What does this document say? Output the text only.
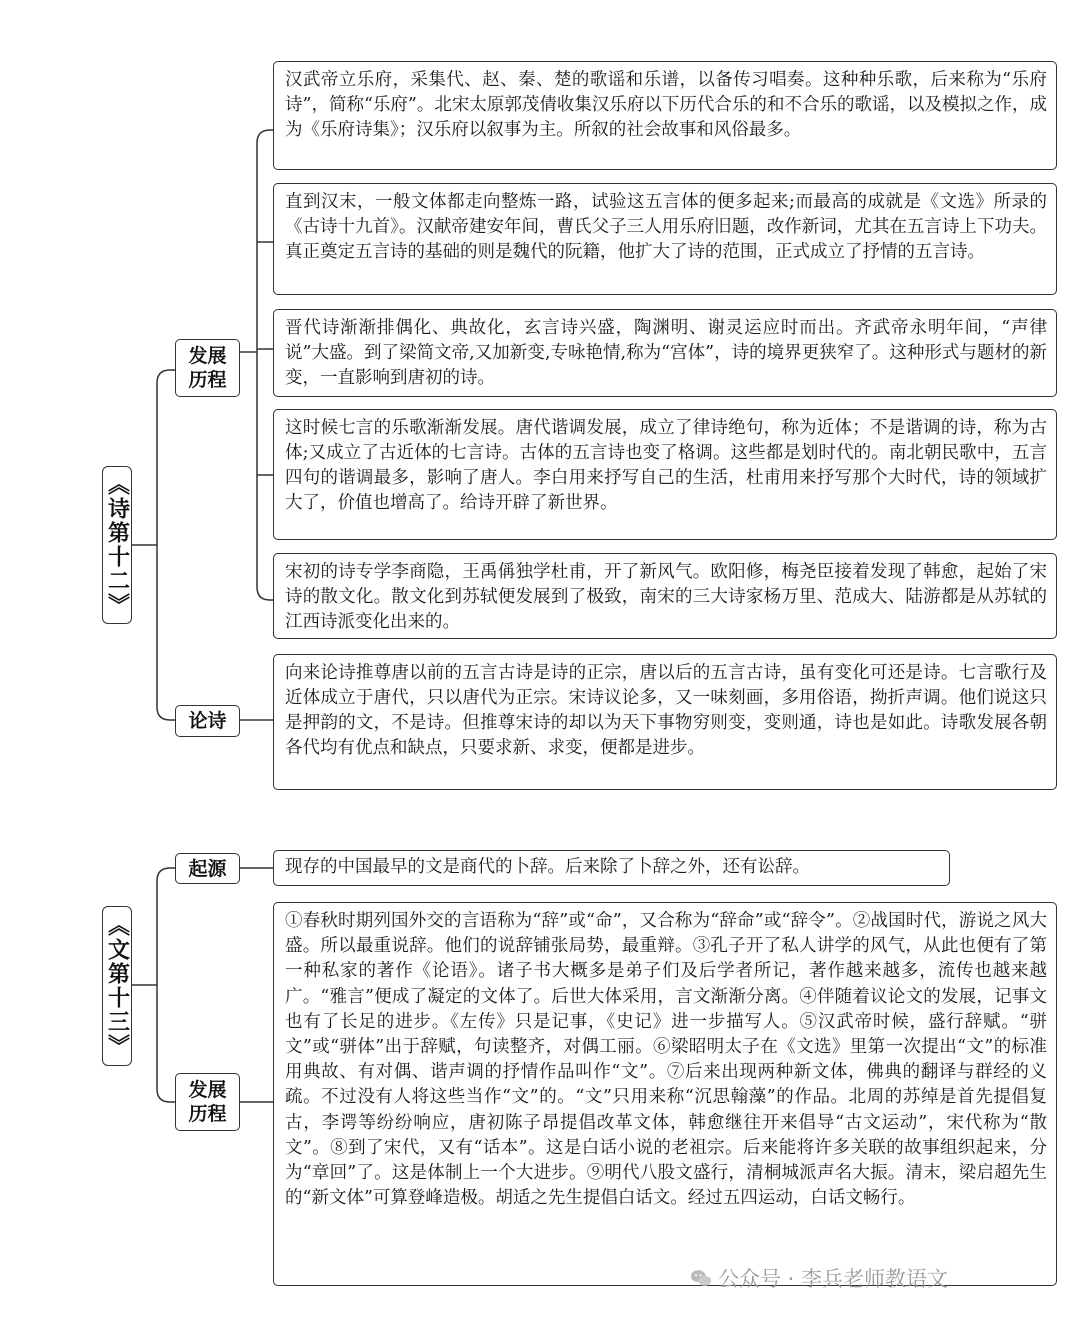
《诗第十二》
发展
历程
汉武帝立乐府，采集代、赵、秦、楚的歌谣和乐谱，以备传习唱奏。这种种乐歌，后来称为“乐府诗”，简称“乐府”。北宋太原郭茂倩收集汉乐府以下历代合乐的和不合乐的歌谣，以及模拟之作，成为《乐府诗集》；汉乐府以叙事为主。所叙的社会故事和风俗最多。
直到汉末，一般文体都走向整炼一路，试验这五言体的便多起来;而最高的成就是《文选》所录的《古诗十九首》。汉献帝建安年间，曹氏父子三人用乐府旧题，改作新词，尤其在五言诗上下功夫。真正奠定五言诗的基础的则是魏代的阮籍，他扩大了诗的范围，正式成立了抒情的五言诗。
晋代诗渐渐排偶化、典故化，玄言诗兴盛，陶渊明、谢灵运应时而出。齐武帝永明年间，“声律说”大盛。到了梁简文帝,又加新变,专咏艳情,称为“宫体”，诗的境界更狭窄了。这种形式与题材的新变，一直影响到唐初的诗。
这时候七言的乐歌渐渐发展。唐代谐调发展，成立了律诗绝句，称为近体；不是谐调的诗，称为古体;又成立了古近体的七言诗。古体的五言诗也变了格调。这些都是划时代的。南北朝民歌中，五言四句的谐调最多，影响了唐人。李白用来抒写自己的生活，杜甫用来抒写那个大时代，诗的领域扩大了，价值也增高了。给诗开辟了新世界。
宋初的诗专学李商隐，王禹偁独学杜甫，开了新风气。欧阳修，梅尧臣接着发现了韩愈，起始了宋诗的散文化。散文化到苏轼便发展到了极致，南宋的三大诗家杨万里、范成大、陆游都是从苏轼的江西诗派变化出来的。
论诗
向来论诗推尊唐以前的五言古诗是诗的正宗，唐以后的五言古诗，虽有变化可还是诗。七言歌行及近体成立于唐代，只以唐代为正宗。宋诗议论多，又一味刻画，多用俗语，拗折声调。他们说这只是押韵的文，不是诗。但推尊宋诗的却以为天下事物穷则变，变则通，诗也是如此。诗歌发展各朝各代均有优点和缺点，只要求新、求变，便都是进步。
《文第十三》
起源	现存的中国最早的文是商代的卜辞。后来除了卜辞之外，还有讼辞。
发展
历程
①春秋时期列国外交的言语称为“辞”或“命”，又合称为“辞命”或“辞令”。②战国时代，游说之风大盛。所以最重说辞。他们的说辞铺张局势，最重辩。③孔子开了私人讲学的风气，从此也便有了第一种私家的著作《论语》。诸子书大概多是弟子们及后学者所记，著作越来越多，流传也越来越广。“雅言”便成了凝定的文体了。后世大体采用，言文渐渐分离。④伴随着议论文的发展，记事文也有了长足的进步。《左传》只是记事，《史记》进一步描写人。⑤汉武帝时候，盛行辞赋。“骈文”或“骈体”出于辞赋，句读整齐，对偶工丽。⑥梁昭明太子在《文选》里第一次提出“文”的标准用典故、有对偶、谐声调的抒情作品叫作“文”。⑦后来出现两种新文体，佛典的翻译与群经的义疏。不过没有人将这些当作“文”的。“文”只用来称“沉思翰藻”的作品。北周的苏绰是首先提倡复古，李谔等纷纷响应，唐初陈子昂提倡改革文体，韩愈继往开来倡导“古文运动”，宋代称为“散文”。⑧到了宋代，又有“话本”。这是白话小说的老祖宗。后来能将许多关联的故事组织起来，分为“章回”了。这是体制上一个大进步。⑨明代八股文盛行，清桐城派声名大振。清末，梁启超先生的“新文体”可算登峰造极。胡适之先生提倡白话文。经过五四运动，白话文畅行。
公众号 · 李兵老师教语文
